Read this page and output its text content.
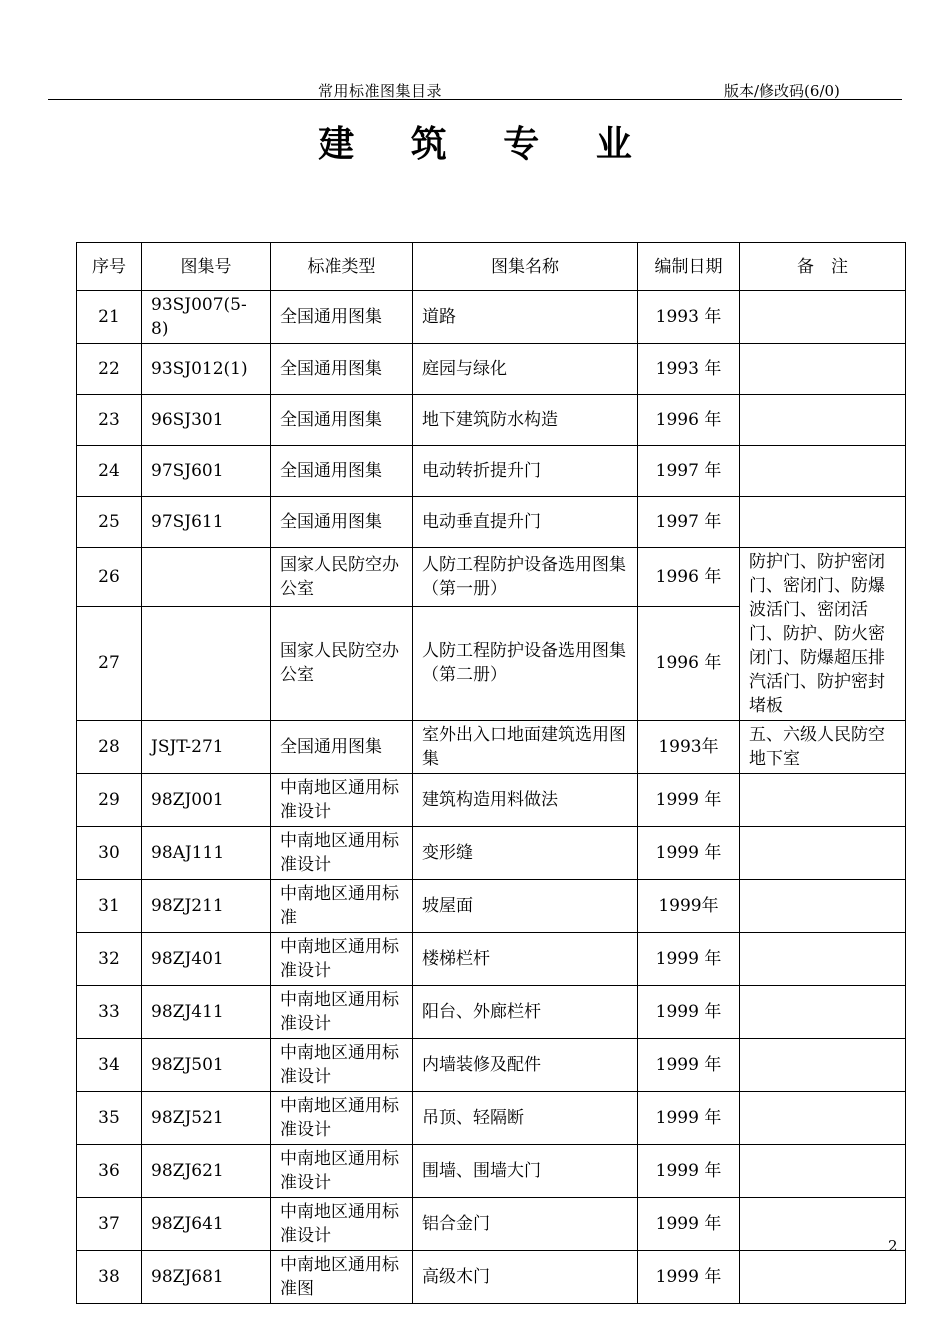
常用标准图集目录	版本/修改码(6/0)
建 筑 专 业
序号	图集号	标准类型	图集名称	编制日期	备　注
21	93SJ007(5-8)	全国通用图集	道路	1993 年	
22	93SJ012(1)	全国通用图集	庭园与绿化	1993 年	
23	96SJ301	全国通用图集	地下建筑防水构造	1996 年	
24	97SJ601	全国通用图集	电动转折提升门	1997 年	
25	97SJ611	全国通用图集	电动垂直提升门	1997 年	
26		国家人民防空办公室	人防工程防护设备选用图集（第一册）	1996 年	防护门、防护密闭门、密闭门、防爆波活门、密闭活门、防护、防火密闭门、防爆超压排汽活门、防护密封堵板
27		国家人民防空办公室	人防工程防护设备选用图集（第二册）	1996 年	
28	JSJT-271	全国通用图集	室外出入口地面建筑选用图集	1993年	五、六级人民防空地下室
29	98ZJ001	中南地区通用标准设计	建筑构造用料做法	1999 年	
30	98AJ111	中南地区通用标准设计	变形缝	1999 年	
31	98ZJ211	中南地区通用标准	坡屋面	1999年	
32	98ZJ401	中南地区通用标准设计	楼梯栏杆	1999 年	
33	98ZJ411	中南地区通用标准设计	阳台、外廊栏杆	1999 年	
34	98ZJ501	中南地区通用标准设计	内墙装修及配件	1999 年	
35	98ZJ521	中南地区通用标准设计	吊顶、轻隔断	1999 年	
36	98ZJ621	中南地区通用标准设计	围墙、围墙大门	1999 年	
37	98ZJ641	中南地区通用标准设计	铝合金门	1999 年	
38	98ZJ681	中南地区通用标准图	高级木门	1999 年	
2
